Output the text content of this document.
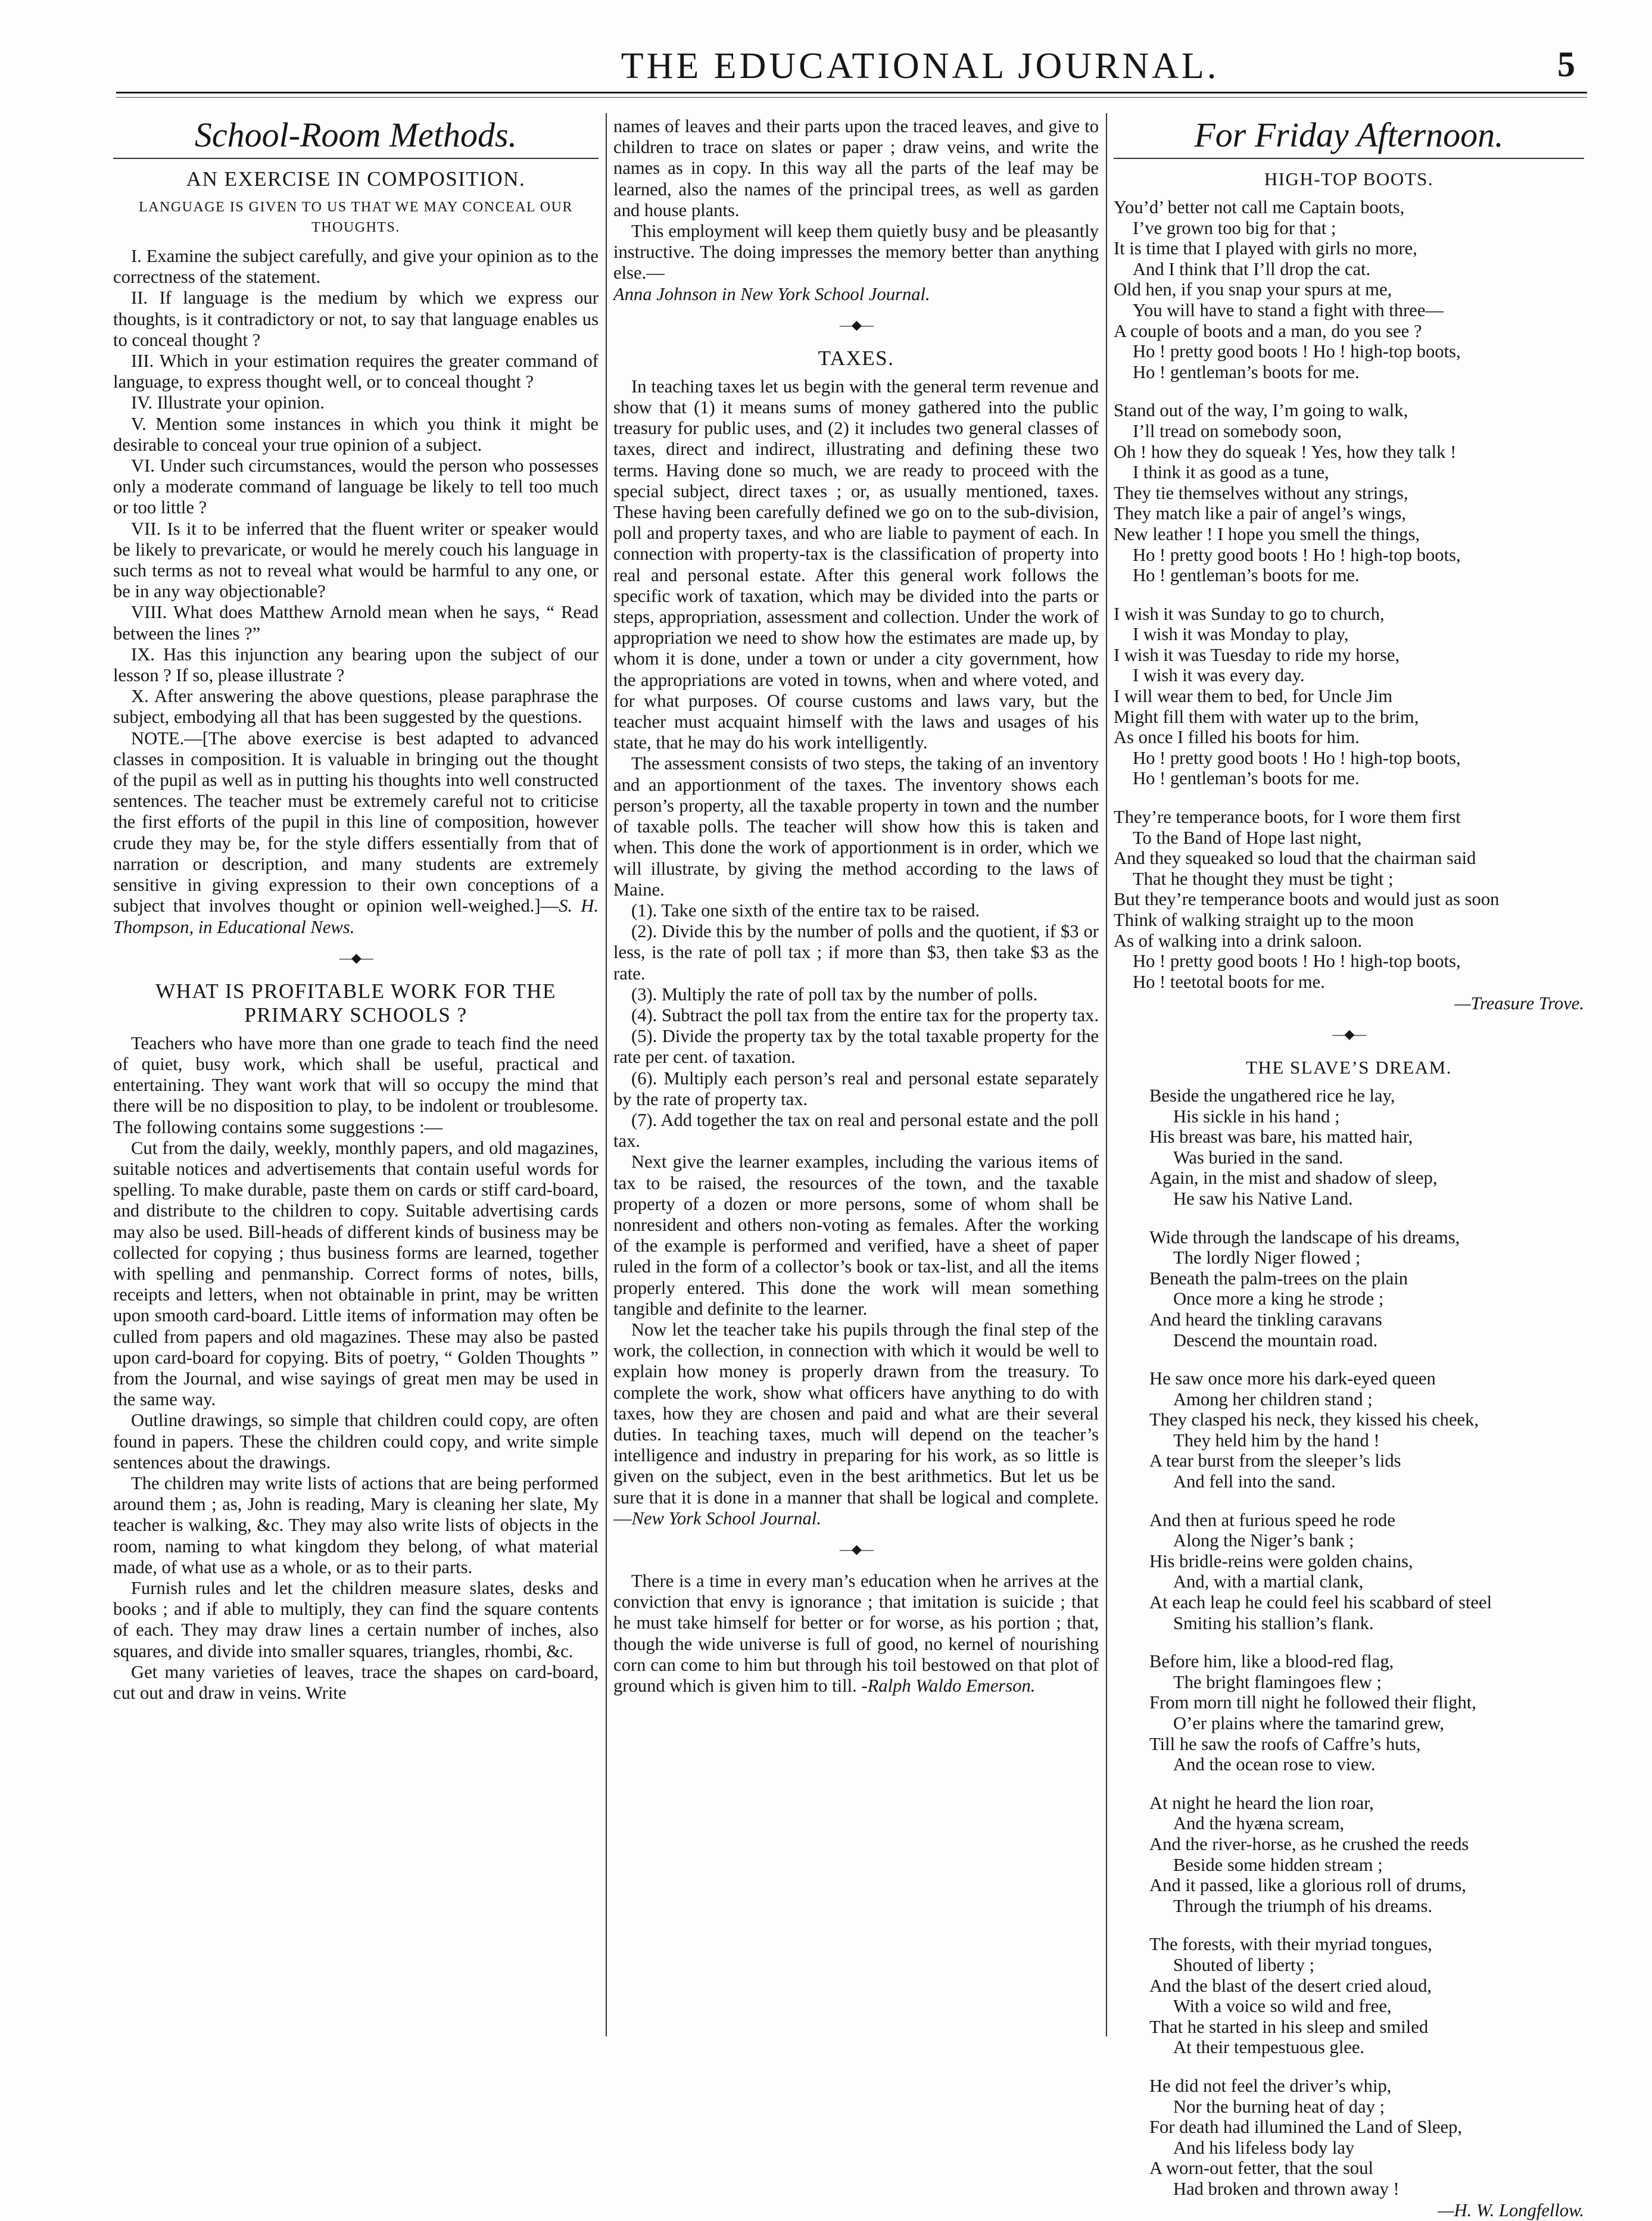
THE EDUCATIONAL JOURNAL.	5
School-Room Methods.
AN EXERCISE IN COMPOSITION.
LANGUAGE IS GIVEN TO US THAT WE MAY CONCEAL OUR THOUGHTS.

I. Examine the subject carefully, and give your opinion as to the correctness of the statement.

II. If language is the medium by which we express our thoughts, is it contradictory or not, to say that language enables us to conceal thought ?

III. Which in your estimation requires the greater command of language, to express thought well, or to conceal thought ?

IV. Illustrate your opinion.

V. Mention some instances in which you think it might be desirable to conceal your true opinion of a subject.

VI. Under such circumstances, would the person who possesses only a moderate command of language be likely to tell too much or too little ?

VII. Is it to be inferred that the fluent writer or speaker would be likely to prevaricate, or would he merely couch his language in such terms as not to reveal what would be harmful to any one, or be in any way objectionable?

VIII. What does Matthew Arnold mean when he says, “ Read between the lines ?”

IX. Has this injunction any bearing upon the subject of our lesson ? If so, please illustrate ?

X. After answering the above questions, please paraphrase the subject, embodying all that has been suggested by the questions.

NOTE.—[The above exercise is best adapted to advanced classes in composition. It is valuable in bringing out the thought of the pupil as well as in putting his thoughts into well constructed sentences. The teacher must be extremely careful not to criticise the first efforts of the pupil in this line of composition, however crude they may be, for the style differs essentially from that of narration or description, and many students are extremely sensitive in giving expression to their own conceptions of a subject that involves thought or opinion well-weighed.]—S. H. Thompson, in Educational News.

—◆—
WHAT IS PROFITABLE WORK FOR THE PRIMARY SCHOOLS ?

Teachers who have more than one grade to teach find the need of quiet, busy work, which shall be useful, practical and entertaining. They want work that will so occupy the mind that there will be no disposition to play, to be indolent or troublesome. The following contains some suggestions :—

Cut from the daily, weekly, monthly papers, and old magazines, suitable notices and advertisements that contain useful words for spelling. To make durable, paste them on cards or stiff card-board, and distribute to the children to copy. Suitable advertising cards may also be used. Bill-heads of different kinds of business may be collected for copying ; thus business forms are learned, together with spelling and penmanship. Correct forms of notes, bills, receipts and letters, when not obtainable in print, may be written upon smooth card-board. Little items of information may often be culled from papers and old magazines. These may also be pasted upon card-board for copying. Bits of poetry, “ Golden Thoughts ” from the Journal, and wise sayings of great men may be used in the same way.

Outline drawings, so simple that children could copy, are often found in papers. These the children could copy, and write simple sentences about the drawings.

The children may write lists of actions that are being performed around them ; as, John is reading, Mary is cleaning her slate, My teacher is walking, &c. They may also write lists of objects in the room, naming to what kingdom they belong, of what material made, of what use as a whole, or as to their parts.

Furnish rules and let the children measure slates, desks and books ; and if able to multiply, they can find the square contents of each. They may draw lines a certain number of inches, also squares, and divide into smaller squares, triangles, rhombi, &c.

Get many varieties of leaves, trace the shapes on card-board, cut out and draw in veins. Write

names of leaves and their parts upon the traced leaves, and give to children to trace on slates or paper ; draw veins, and write the names as in copy. In this way all the parts of the leaf may be learned, also the names of the principal trees, as well as garden and house plants.

This employment will keep them quietly busy and be pleasantly instructive. The doing impresses the memory better than anything else.—

Anna Johnson in New York School Journal.
—◆—
TAXES.

In teaching taxes let us begin with the general term revenue and show that (1) it means sums of money gathered into the public treasury for public uses, and (2) it includes two general classes of taxes, direct and indirect, illustrating and defining these two terms. Having done so much, we are ready to proceed with the special subject, direct taxes ; or, as usually mentioned, taxes. These having been carefully defined we go on to the sub-division, poll and property taxes, and who are liable to payment of each. In connection with property-tax is the classification of property into real and personal estate. After this general work follows the specific work of taxation, which may be divided into the parts or steps, appropriation, assessment and collection. Under the work of appropriation we need to show how the estimates are made up, by whom it is done, under a town or under a city government, how the appropriations are voted in towns, when and where voted, and for what purposes. Of course customs and laws vary, but the teacher must acquaint himself with the laws and usages of his state, that he may do his work intelligently.

The assessment consists of two steps, the taking of an inventory and an apportionment of the taxes. The inventory shows each person’s property, all the taxable property in town and the number of taxable polls. The teacher will show how this is taken and when. This done the work of apportionment is in order, which we will illustrate, by giving the method according to the laws of Maine.

(1). Take one sixth of the entire tax to be raised.

(2). Divide this by the number of polls and the quotient, if $3 or less, is the rate of poll tax ; if more than $3, then take $3 as the rate.

(3). Multiply the rate of poll tax by the number of polls.

(4). Subtract the poll tax from the entire tax for the property tax.

(5). Divide the property tax by the total taxable property for the rate per cent. of taxation.

(6). Multiply each person’s real and personal estate separately by the rate of property tax.

(7). Add together the tax on real and personal estate and the poll tax.

Next give the learner examples, including the various items of tax to be raised, the resources of the town, and the taxable property of a dozen or more persons, some of whom shall be nonresident and others non-voting as females. After the working of the example is performed and verified, have a sheet of paper ruled in the form of a collector’s book or tax-list, and all the items properly entered. This done the work will mean something tangible and definite to the learner.

Now let the teacher take his pupils through the final step of the work, the collection, in connection with which it would be well to explain how money is properly drawn from the treasury. To complete the work, show what officers have anything to do with taxes, how they are chosen and paid and what are their several duties. In teaching taxes, much will depend on the teacher’s intelligence and industry in preparing for his work, as so little is given on the subject, even in the best arithmetics. But let us be sure that it is done in a manner that shall be logical and complete. —New York School Journal.

—◆—

There is a time in every man’s education when he arrives at the conviction that envy is ignorance ; that imitation is suicide ; that he must take himself for better or for worse, as his portion ; that, though the wide universe is full of good, no kernel of nourishing corn can come to him but through his toil bestowed on that plot of ground which is given him to till. -Ralph Waldo Emerson.

For Friday Afternoon.
HIGH-TOP BOOTS.
You’d’ better not call me Captain boots,
I’ve grown too big for that ;
It is time that I played with girls no more,
And I think that I’ll drop the cat.
Old hen, if you snap your spurs at me,
You will have to stand a fight with three—
A couple of boots and a man, do you see ?
Ho ! pretty good boots ! Ho ! high-top boots,
Ho ! gentleman’s boots for me.
Stand out of the way, I’m going to walk,
I’ll tread on somebody soon,
Oh ! how they do squeak ! Yes, how they talk !
I think it as good as a tune,
They tie themselves without any strings,
They match like a pair of angel’s wings,
New leather ! I hope you smell the things,
Ho ! pretty good boots ! Ho ! high-top boots,
Ho ! gentleman’s boots for me.
I wish it was Sunday to go to church,
I wish it was Monday to play,
I wish it was Tuesday to ride my horse,
I wish it was every day.
I will wear them to bed, for Uncle Jim
Might fill them with water up to the brim,
As once I filled his boots for him.
Ho ! pretty good boots ! Ho ! high-top boots,
Ho ! gentleman’s boots for me.
They’re temperance boots, for I wore them first
To the Band of Hope last night,
And they squeaked so loud that the chairman said
That he thought they must be tight ;
But they’re temperance boots and would just as soon
Think of walking straight up to the moon
As of walking into a drink saloon.
Ho ! pretty good boots ! Ho ! high-top boots,
Ho ! teetotal boots for me.
—Treasure Trove.
—◆—
THE SLAVE’S DREAM.
Beside the ungathered rice he lay,
His sickle in his hand ;
His breast was bare, his matted hair,
Was buried in the sand.
Again, in the mist and shadow of sleep,
He saw his Native Land.
Wide through the landscape of his dreams,
The lordly Niger flowed ;
Beneath the palm-trees on the plain
Once more a king he strode ;
And heard the tinkling caravans
Descend the mountain road.
He saw once more his dark-eyed queen
Among her children stand ;
They clasped his neck, they kissed his cheek,
They held him by the hand !
A tear burst from the sleeper’s lids
And fell into the sand.
And then at furious speed he rode
Along the Niger’s bank ;
His bridle-reins were golden chains,
And, with a martial clank,
At each leap he could feel his scabbard of steel
Smiting his stallion’s flank.
Before him, like a blood-red flag,
The bright flamingoes flew ;
From morn till night he followed their flight,
O’er plains where the tamarind grew,
Till he saw the roofs of Caffre’s huts,
And the ocean rose to view.
At night he heard the lion roar,
And the hyæna scream,
And the river-horse, as he crushed the reeds
Beside some hidden stream ;
And it passed, like a glorious roll of drums,
Through the triumph of his dreams.
The forests, with their myriad tongues,
Shouted of liberty ;
And the blast of the desert cried aloud,
With a voice so wild and free,
That he started in his sleep and smiled
At their tempestuous glee.
He did not feel the driver’s whip,
Nor the burning heat of day ;
For death had illumined the Land of Sleep,
And his lifeless body lay
A worn-out fetter, that the soul
Had broken and thrown away !
—H. W. Longfellow.
